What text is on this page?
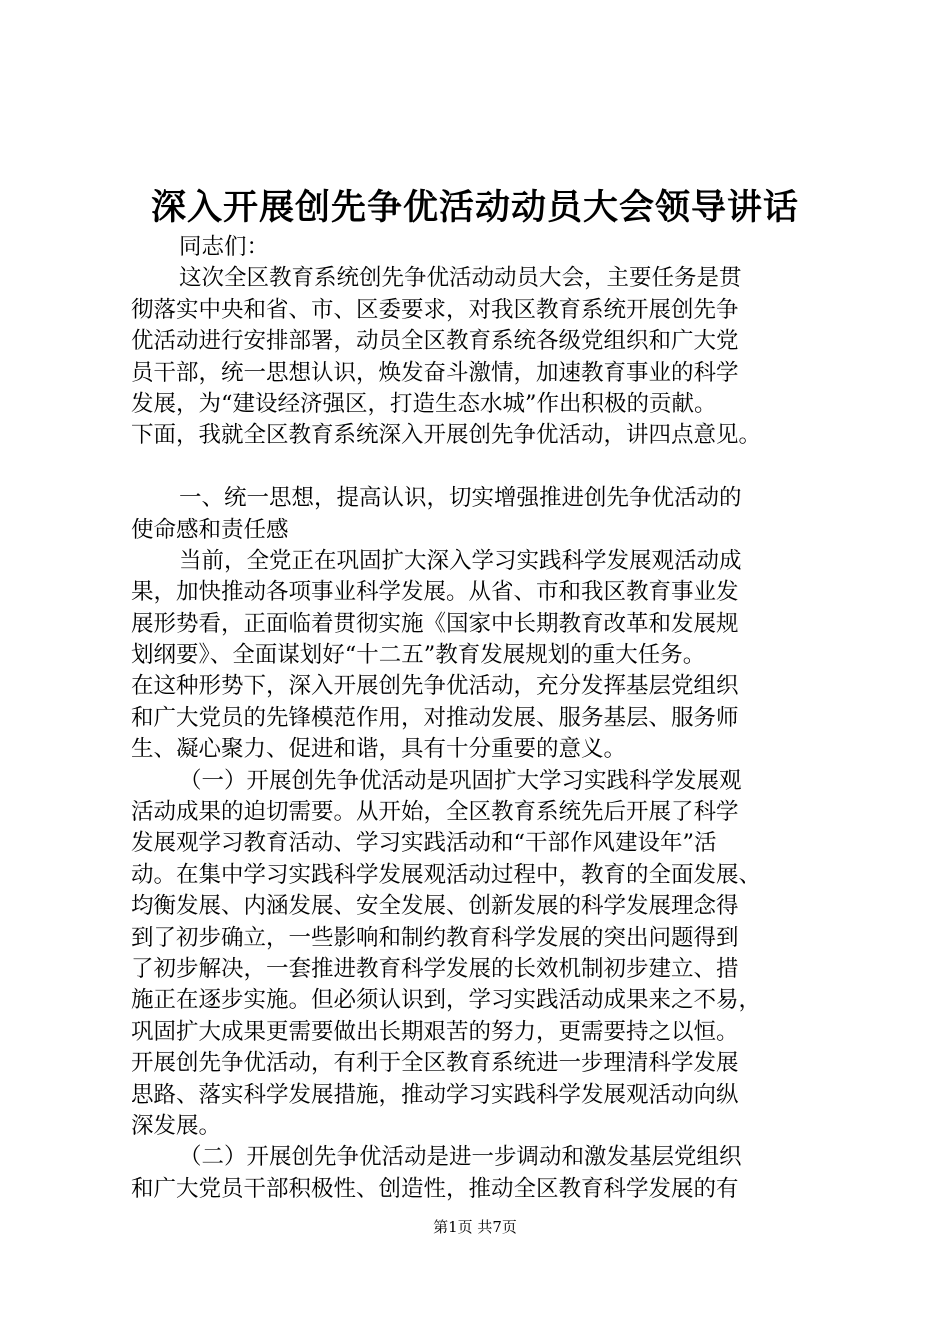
深入开展创先争优活动动员大会领导讲话
同志们：
这次全区教育系统创先争优活动动员大会，主要任务是贯
彻落实中央和省、市、区委要求，对我区教育系统开展创先争
优活动进行安排部署，动员全区教育系统各级党组织和广大党
员干部，统一思想认识，焕发奋斗激情，加速教育事业的科学
发展，为“建设经济强区，打造生态水城”作出积极的贡献。
下面，我就全区教育系统深入开展创先争优活动，讲四点意见。
一、统一思想，提高认识，切实增强推进创先争优活动的
使命感和责任感
当前，全党正在巩固扩大深入学习实践科学发展观活动成
果，加快推动各项事业科学发展。从省、市和我区教育事业发
展形势看，正面临着贯彻实施《国家中长期教育改革和发展规
划纲要》、全面谋划好“十二五”教育发展规划的重大任务。
在这种形势下，深入开展创先争优活动，充分发挥基层党组织
和广大党员的先锋模范作用，对推动发展、服务基层、服务师
生、凝心聚力、促进和谐，具有十分重要的意义。
（一）开展创先争优活动是巩固扩大学习实践科学发展观
活动成果的迫切需要。从开始，全区教育系统先后开展了科学
发展观学习教育活动、学习实践活动和“干部作风建设年”活
动。在集中学习实践科学发展观活动过程中，教育的全面发展、
均衡发展、内涵发展、安全发展、创新发展的科学发展理念得
到了初步确立，一些影响和制约教育科学发展的突出问题得到
了初步解决，一套推进教育科学发展的长效机制初步建立、措
施正在逐步实施。但必须认识到，学习实践活动成果来之不易，
巩固扩大成果更需要做出长期艰苦的努力，更需要持之以恒。
开展创先争优活动，有利于全区教育系统进一步理清科学发展
思路、落实科学发展措施，推动学习实践科学发展观活动向纵
深发展。
（二）开展创先争优活动是进一步调动和激发基层党组织
和广大党员干部积极性、创造性，推动全区教育科学发展的有
第1页 共7页
